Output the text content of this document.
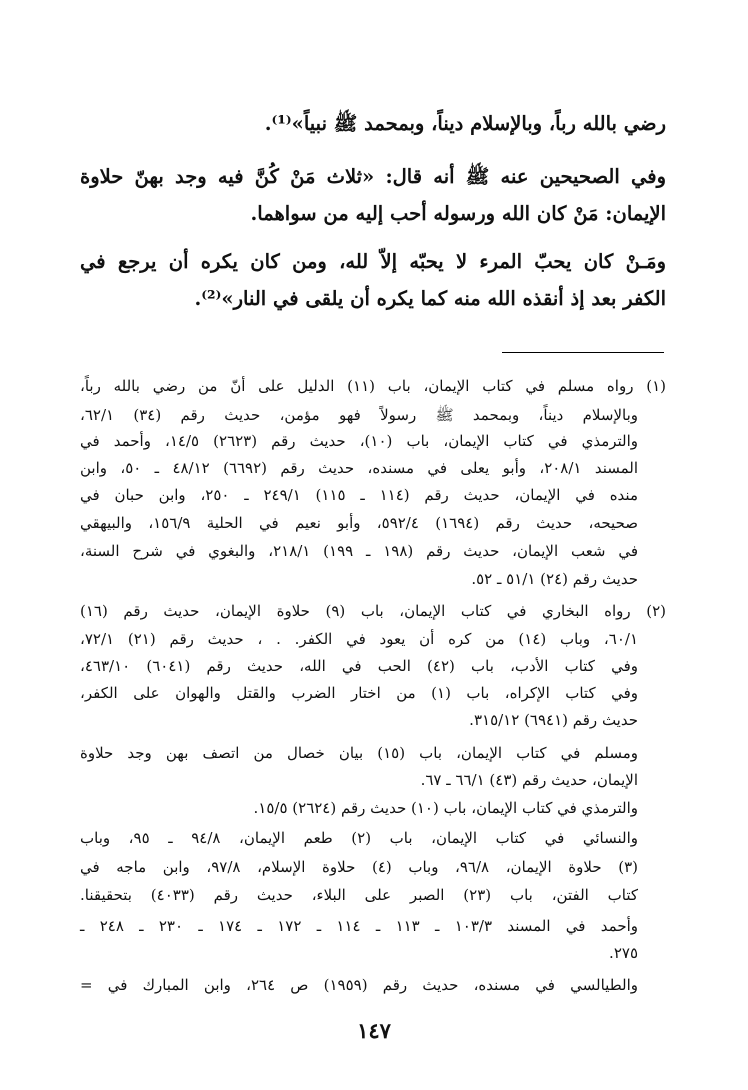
رضي بالله رباً، وبالإسلام ديناً، وبمحمد ﷺ نبياً»⁽¹⁾.
وفي الصحيحين عنه ﷺ أنه قال: «ثلاث مَنْ كُنَّ فيه وجد بهنّ حلاوة
الإيمان: مَنْ كان الله ورسوله أحب إليه من سواهما.
ومَـنْ كان يحبّ المرء لا يحبّه إلاّ لله، ومن كان يكره أن يرجع في
الكفر بعد إذ أنقذه الله منه كما يكره أن يلقى في النار»⁽²⁾.
(١) رواه مسلم في كتاب الإيمان، باب (١١) الدليل على أنّ من رضي بالله رباً،
وبالإسلام ديناً، وبمحمد ﷺ رسولاً فهو مؤمن، حديث رقم (٣٤) ٦٢/١،
والترمذي في كتاب الإيمان، باب (١٠)، حديث رقم (٢٦٢٣) ١٤/٥، وأحمد في
المسند ٢٠٨/١، وأبو يعلى في مسنده، حديث رقم (٦٦٩٢) ٤٨/١٢ ـ ٥٠، وابن
منده في الإيمان، حديث رقم (١١٤ ـ ١١٥) ٢٤٩/١ ـ ٢٥٠، وابن حبان في
صحيحه، حديث رقم (١٦٩٤) ٥٩٢/٤، وأبو نعيم في الحلية ١٥٦/٩، والبيهقي
في شعب الإيمان، حديث رقم (١٩٨ ـ ١٩٩) ٢١٨/١، والبغوي في شرح السنة،
حديث رقم (٢٤) ٥١/١ ـ ٥٢.
(٢) رواه البخاري في كتاب الإيمان، باب (٩) حلاوة الإيمان، حديث رقم (١٦)
٦٠/١، وباب (١٤) من كره أن يعود في الكفر. . ، حديث رقم (٢١) ٧٢/١،
وفي كتاب الأدب، باب (٤٢) الحب في الله، حديث رقم (٦٠٤١) ٤٦٣/١٠،
وفي كتاب الإكراه، باب (١) من اختار الضرب والقتل والهوان على الكفر،
حديث رقم (٦٩٤١) ٣١٥/١٢.
ومسلم في كتاب الإيمان، باب (١٥) بيان خصال من اتصف بهن وجد حلاوة
الإيمان، حديث رقم (٤٣) ٦٦/١ ـ ٦٧.
والترمذي في كتاب الإيمان، باب (١٠) حديث رقم (٢٦٢٤) ١٥/٥.
والنسائي في كتاب الإيمان، باب (٢) طعم الإيمان، ٩٤/٨ ـ ٩٥، وباب
(٣) حلاوة الإيمان، ٩٦/٨، وباب (٤) حلاوة الإسلام، ٩٧/٨، وابن ماجه في
كتاب الفتن، باب (٢٣) الصبر على البلاء، حديث رقم (٤٠٣٣) بتحقيقنا.
وأحمد في المسند ١٠٣/٣ ـ ١١٣ ـ ١١٤ ـ ١٧٢ ـ ١٧٤ ـ ٢٣٠ ـ ٢٤٨ ـ
٢٧٥.
والطيالسي في مسنده، حديث رقم (١٩٥٩) ص ٢٦٤، وابن المبارك في =
١٤٧
